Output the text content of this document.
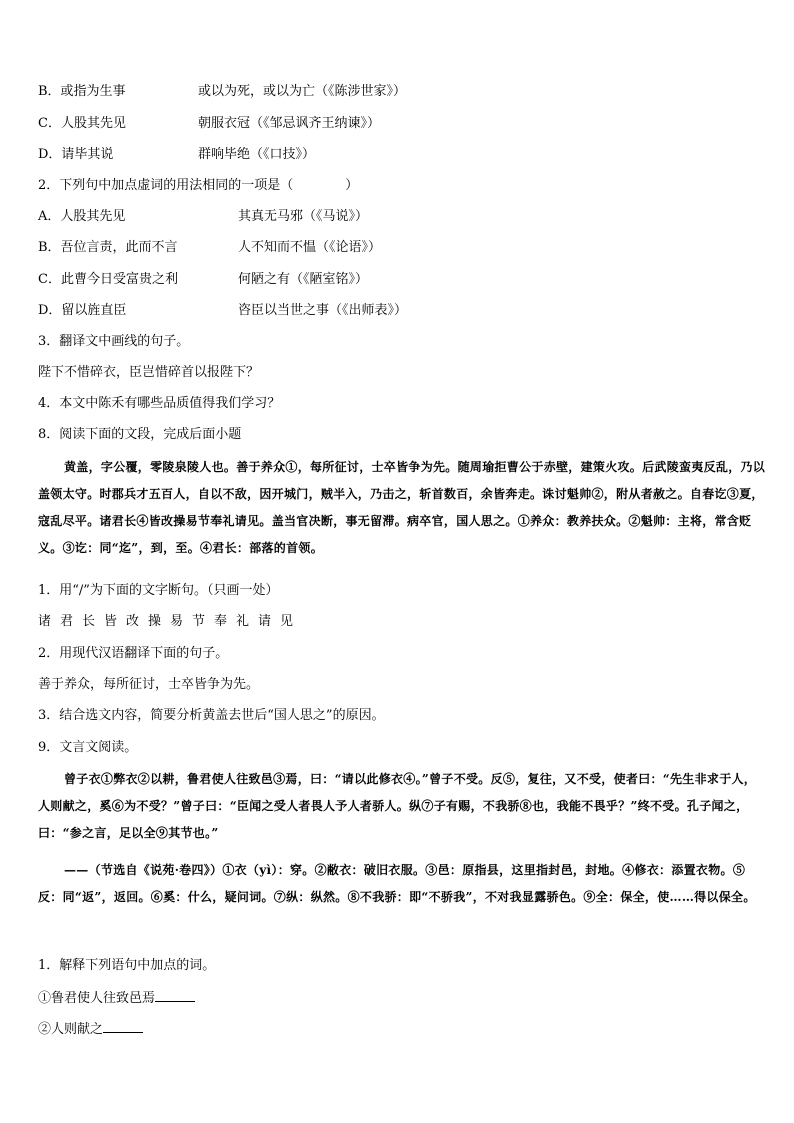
B．或指为生事	或以为死，或以为亡（《陈涉世家》）
C．人股其先见	朝服衣冠（《邹忌讽齐王纳谏》）
D．请毕其说	群响毕绝（《口技》）
2．下列句中加点虚词的用法相同的一项是（　　　　）
A．人股其先见	其真无马邪（《马说》）
B．吾位言责，此而不言	人不知而不愠（《论语》）
C．此曹今日受富贵之利	何陋之有（《陋室铭》）
D．留以旌直臣	咨臣以当世之事（《出师表》）
3．翻译文中画线的句子。
陛下不惜碎衣，臣岂惜碎首以报陛下？
4．本文中陈禾有哪些品质值得我们学习？
8．阅读下面的文段，完成后面小题
黄盖，字公覆，零陵泉陵人也。善于养众①，每所征讨，士卒皆争为先。随周瑜拒曹公于赤壁，建策火攻。后武陵蛮夷反乱，乃以盖领太守。时郡兵才五百人，自以不敌，因开城门，贼半入，乃击之，斩首数百，余皆奔走。诛讨魁帅②，附从者赦之。自春讫③夏，寇乱尽平。诸君长④皆改操易节奉礼请见。盖当官决断，事无留滞。病卒官，国人思之。①养众：教养扶众。②魁帅：主将，常含贬义。③讫：同“迄”，到，至。④君长：部落的首领。
1．用“/”为下面的文字断句。（只画一处）
诸君长皆改操易节奉礼请见
2．用现代汉语翻译下面的句子。
善于养众，每所征讨，士卒皆争为先。
3．结合选文内容，简要分析黄盖去世后“国人思之”的原因。
9．文言文阅读。
曾子衣①弊衣②以耕，鲁君使人往致邑③焉，曰：“请以此修衣④。”曾子不受。反⑤，复往，又不受，使者曰：“先生非求于人，人则献之，奚⑥为不受？”曾子曰：“臣闻之受人者畏人予人者骄人。纵⑦子有赐，不我骄⑧也，我能不畏乎？”终不受。孔子闻之，曰：“参之言，足以全⑨其节也。”
——（节选自《说苑·卷四》）①衣（yì）：穿。②敝衣：破旧衣服。③邑：原指县，这里指封邑，封地。④修衣：添置衣物。⑤反：同“返”，返回。⑥奚：什么，疑问词。⑦纵：纵然。⑧不我骄：即“不骄我”，不对我显露骄色。⑨全：保全，使……得以保全。
1．解释下列语句中加点的词。
①鲁君使人往致邑焉
②人则献之
